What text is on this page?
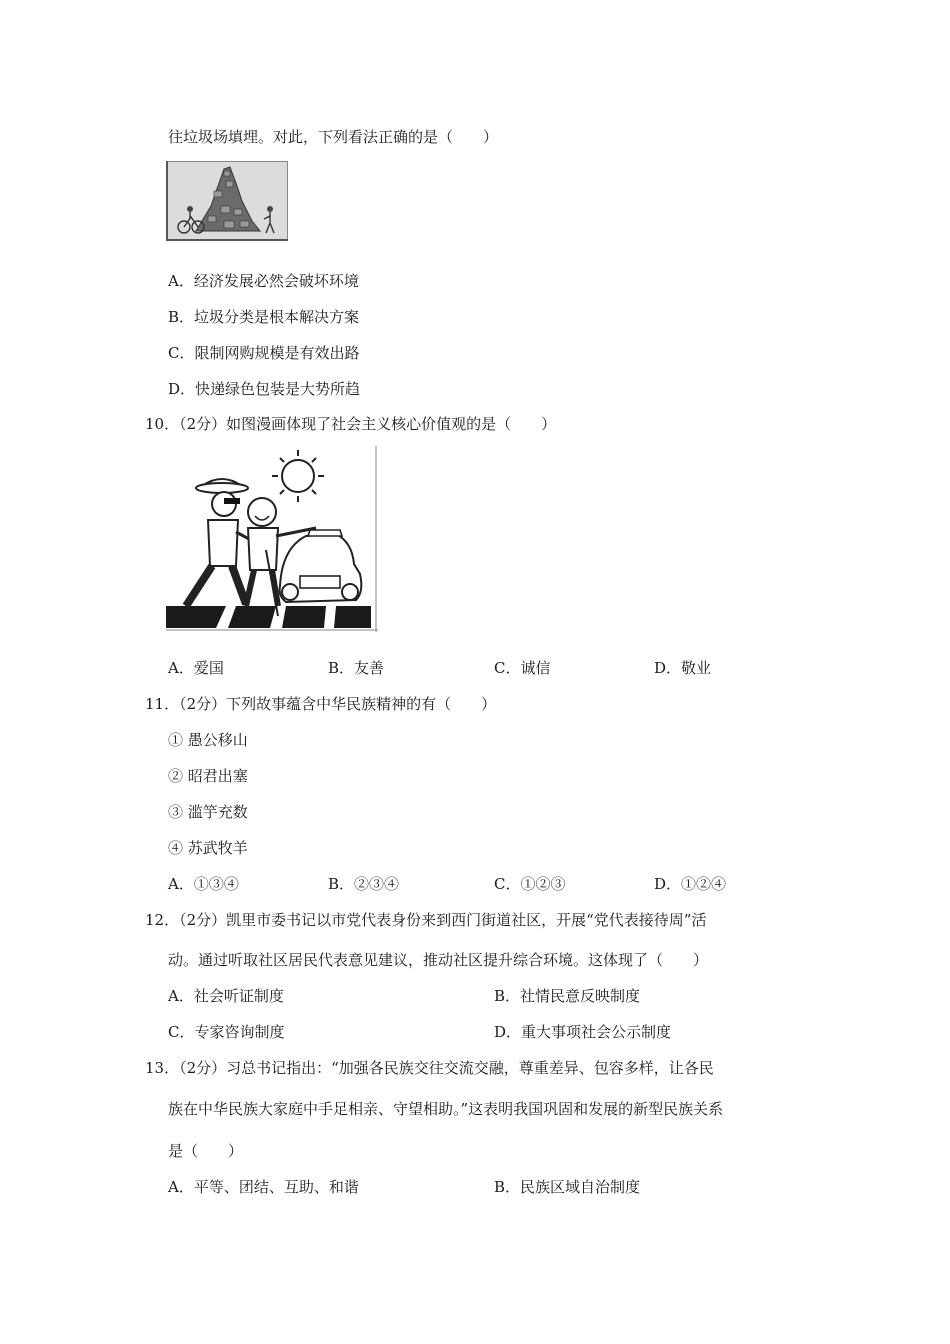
往垃圾场填埋。对此，下列看法正确的是（　　）
A．经济发展必然会破坏环境
B．垃圾分类是根本解决方案
C．限制网购规模是有效出路
D．快递绿色包装是大势所趋
10．（2分）如图漫画体现了社会主义核心价值观的是（　　）
A．爱国	B．友善	C．诚信	D．敬业
11．（2分）下列故事蕴含中华民族精神的有（　　）
① 愚公移山
② 昭君出塞
③ 滥竽充数
④ 苏武牧羊
A．①③④	B．②③④	C．①②③	D．①②④
12．（2分）凯里市委书记以市党代表身份来到西门街道社区，开展“党代表接待周”活
动。通过听取社区居民代表意见建议，推动社区提升综合环境。这体现了（　　）
A．社会听证制度	B．社情民意反映制度
C．专家咨询制度	D．重大事项社会公示制度
13．（2分）习总书记指出：“加强各民族交往交流交融，尊重差异、包容多样，让各民
族在中华民族大家庭中手足相亲、守望相助。”这表明我国巩固和发展的新型民族关系
是（　　）
A．平等、团结、互助、和谐	B．民族区域自治制度
